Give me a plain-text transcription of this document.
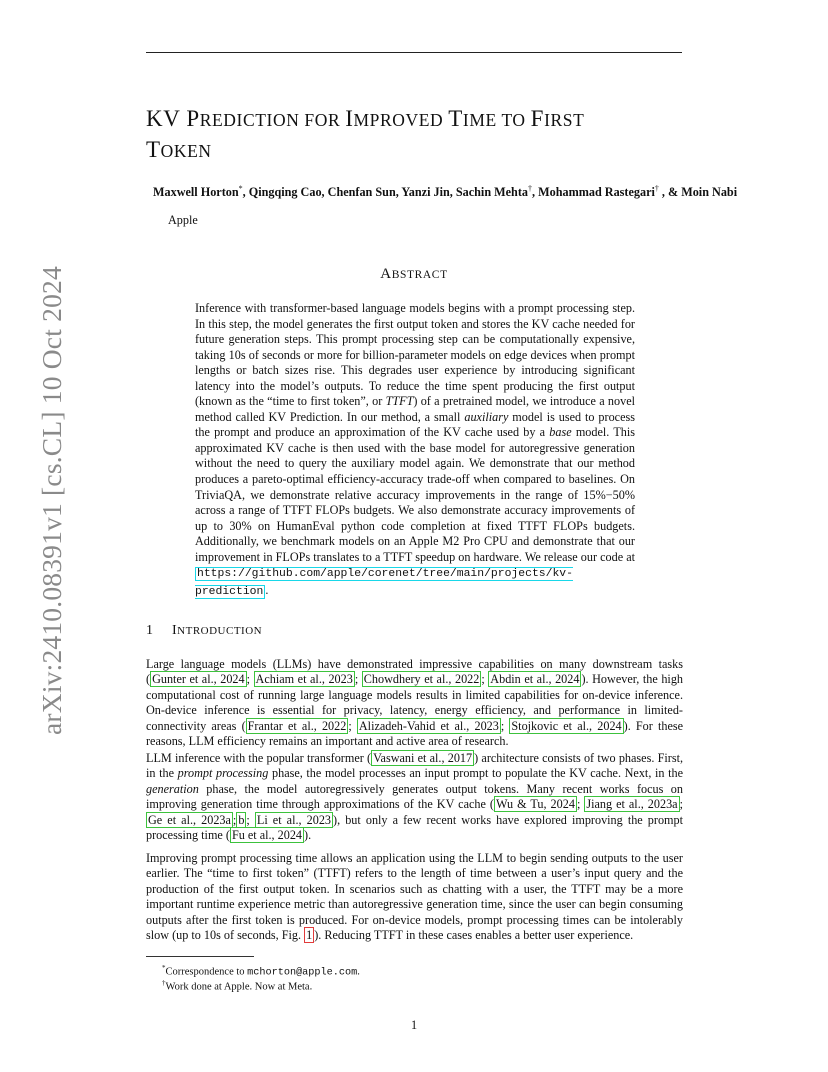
arXiv:2410.08391v1 [cs.CL] 10 Oct 2024
KV PREDICTION FOR IMPROVED TIME TO FIRST
TOKEN
Maxwell Horton*, Qingqing Cao, Chenfan Sun, Yanzi Jin, Sachin Mehta†, Mohammad Rastegari† , & Moin Nabi
Apple
ABSTRACT

Inference with transformer-based language models begins with a prompt processing step. In this step, the model generates the first output token and stores the KV cache needed for future generation steps. This prompt processing step can be computationally expensive, taking 10s of seconds or more for billion-parameter models on edge devices when prompt lengths or batch sizes rise. This degrades user experience by introducing significant latency into the model’s outputs. To reduce the time spent producing the first output (known as the “time to first token”, or TTFT) of a pretrained model, we introduce a novel method called KV Prediction. In our method, a small auxiliary model is used to process the prompt and produce an approximation of the KV cache used by a base model. This approximated KV cache is then used with the base model for autoregressive generation without the need to query the auxiliary model again. We demonstrate that our method produces a pareto-optimal efficiency-accuracy trade-off when compared to baselines. On TriviaQA, we demonstrate relative accuracy improvements in the range of 15%−50% across a range of TTFT FLOPs budgets. We also demonstrate accuracy improvements of up to 30% on HumanEval python code completion at fixed TTFT FLOPs budgets. Additionally, we benchmark models on an Apple M2 Pro CPU and demonstrate that our improvement in FLOPs translates to a TTFT speedup on hardware. We release our code at https://github.com/apple/corenet/tree/main/projects/kv-prediction .

1 INTRODUCTION

Large language models (LLMs) have demonstrated impressive capabilities on many downstream tasks ( Gunter et al., 2024 ; Achiam et al., 2023 ; Chowdhery et al., 2022 ; Abdin et al., 2024 ). However, the high computational cost of running large language models results in limited capabilities for on-device inference. On-device inference is essential for privacy, latency, energy efficiency, and performance in limited-connectivity areas ( Frantar et al., 2022 ; Alizadeh-Vahid et al., 2023 ; Stojkovic et al., 2024 ). For these reasons, LLM efficiency remains an important and active area of research.

LLM inference with the popular transformer ( Vaswani et al., 2017 ) architecture consists of two phases. First, in the prompt processing phase, the model processes an input prompt to populate the KV cache. Next, in the generation phase, the model autoregressively generates output tokens. Many recent works focus on improving generation time through approximations of the KV cache ( Wu & Tu, 2024 ; Jiang et al., 2023a ; Ge et al., 2023a ; b ; Li et al., 2023 ), but only a few recent works have explored improving the prompt processing time ( Fu et al., 2024 ).

Improving prompt processing time allows an application using the LLM to begin sending outputs to the user earlier. The “time to first token” (TTFT) refers to the length of time between a user’s input query and the production of the first output token. In scenarios such as chatting with a user, the TTFT may be a more important runtime experience metric than autoregressive generation time, since the user can begin consuming outputs after the first token is produced. For on-device models, prompt processing times can be intolerably slow (up to 10s of seconds, Fig. 1 ). Reducing TTFT in these cases enables a better user experience.

*Correspondence to mchorton@apple.com.
†Work done at Apple. Now at Meta.
1
